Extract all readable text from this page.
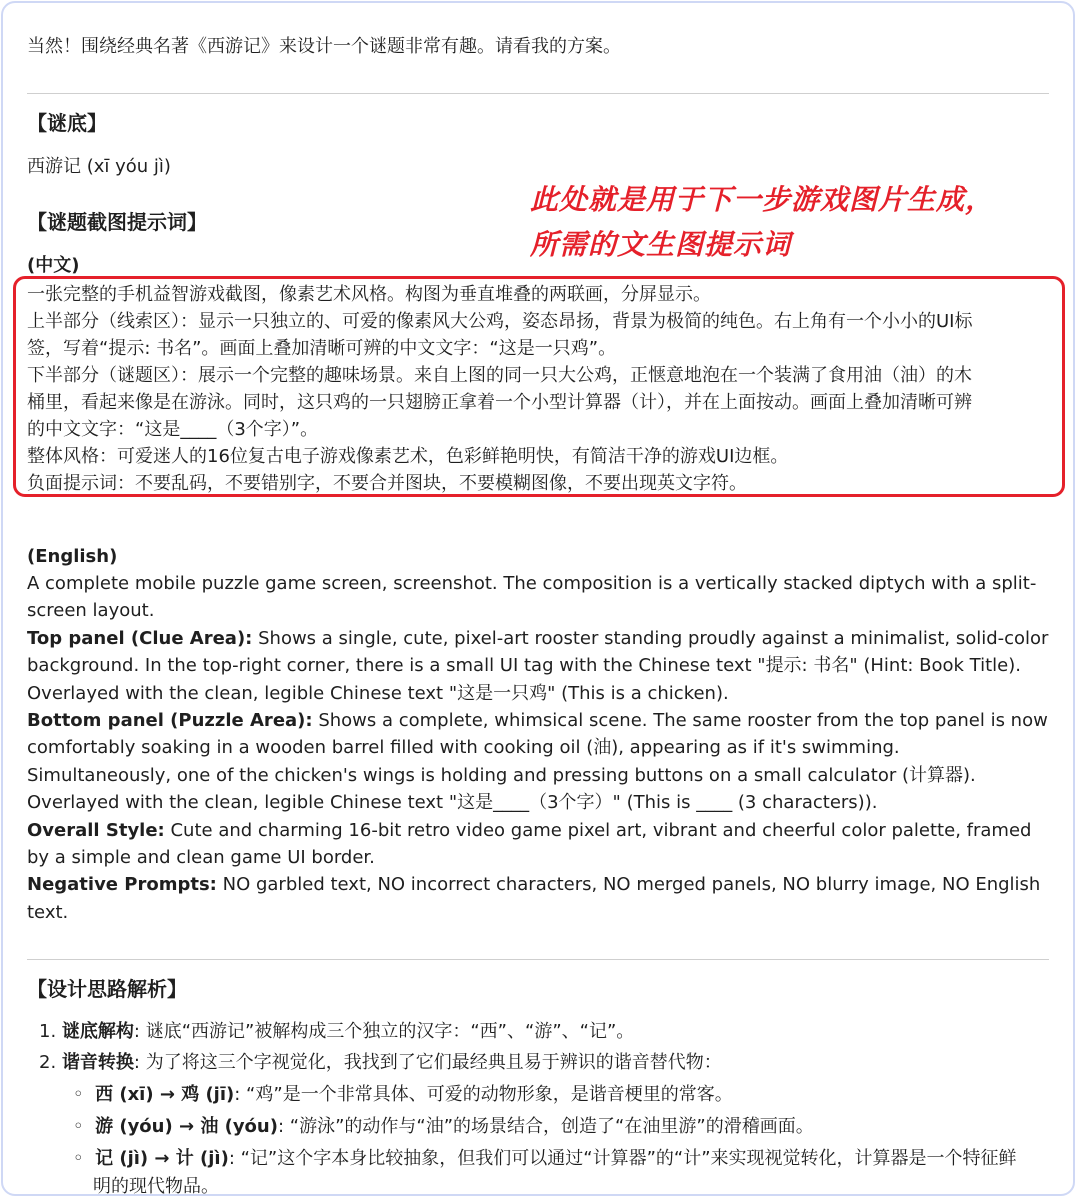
当然！围绕经典名著《西游记》来设计一个谜题非常有趣。请看我的方案。
【谜底】
西游记 (xī yóu jì)
【谜题截图提示词】
此处就是用于下一步游戏图片生成，
所需的文生图提示词
(中文)
一张完整的手机益智游戏截图，像素艺术风格。构图为垂直堆叠的两联画，分屏显示。
上半部分（线索区）：显示一只独立的、可爱的像素风大公鸡，姿态昂扬，背景为极简的纯色。右上角有一个小小的UI标
签，写着“提示: 书名”。画面上叠加清晰可辨的中文文字：“这是一只鸡”。
下半部分（谜题区）：展示一个完整的趣味场景。来自上图的同一只大公鸡，正惬意地泡在一个装满了食用油（油）的木
桶里，看起来像是在游泳。同时，这只鸡的一只翅膀正拿着一个小型计算器（计），并在上面按动。画面上叠加清晰可辨
的中文文字：“这是____（3个字）”。
整体风格：可爱迷人的16位复古电子游戏像素艺术，色彩鲜艳明快，有简洁干净的游戏UI边框。
负面提示词：不要乱码，不要错别字，不要合并图块，不要模糊图像，不要出现英文字符。
(English)
A complete mobile puzzle game screen, screenshot. The composition is a vertically stacked diptych with a split-screen layout.
Top panel (Clue Area): Shows a single, cute, pixel-art rooster standing proudly against a minimalist, solid-color background. In the top-right corner, there is a small UI tag with the Chinese text "提示: 书名" (Hint: Book Title). Overlayed with the clean, legible Chinese text "这是一只鸡" (This is a chicken).
Bottom panel (Puzzle Area): Shows a complete, whimsical scene. The same rooster from the top panel is now comfortably soaking in a wooden barrel filled with cooking oil (油), appearing as if it's swimming. Simultaneously, one of the chicken's wings is holding and pressing buttons on a small calculator (计算器). Overlayed with the clean, legible Chinese text "这是____（3个字）" (This is ____ (3 characters)).
Overall Style: Cute and charming 16-bit retro video game pixel art, vibrant and cheerful color palette, framed by a simple and clean game UI border.
Negative Prompts: NO garbled text, NO incorrect characters, NO merged panels, NO blurry image, NO English text.
【设计思路解析】
1. 谜底解构: 谜底“西游记”被解构成三个独立的汉字：“西”、“游”、“记”。
2. 谐音转换: 为了将这三个字视觉化，我找到了它们最经典且易于辨识的谐音替代物：
◦ 西 (xī) → 鸡 (jī): “鸡”是一个非常具体、可爱的动物形象，是谐音梗里的常客。
◦ 游 (yóu) → 油 (yóu): “游泳”的动作与“油”的场景结合，创造了“在油里游”的滑稽画面。
◦ 记 (jì) → 计 (jì): “记”这个字本身比较抽象，但我们可以通过“计算器”的“计”来实现视觉转化，计算器是一个特征鲜
明的现代物品。
